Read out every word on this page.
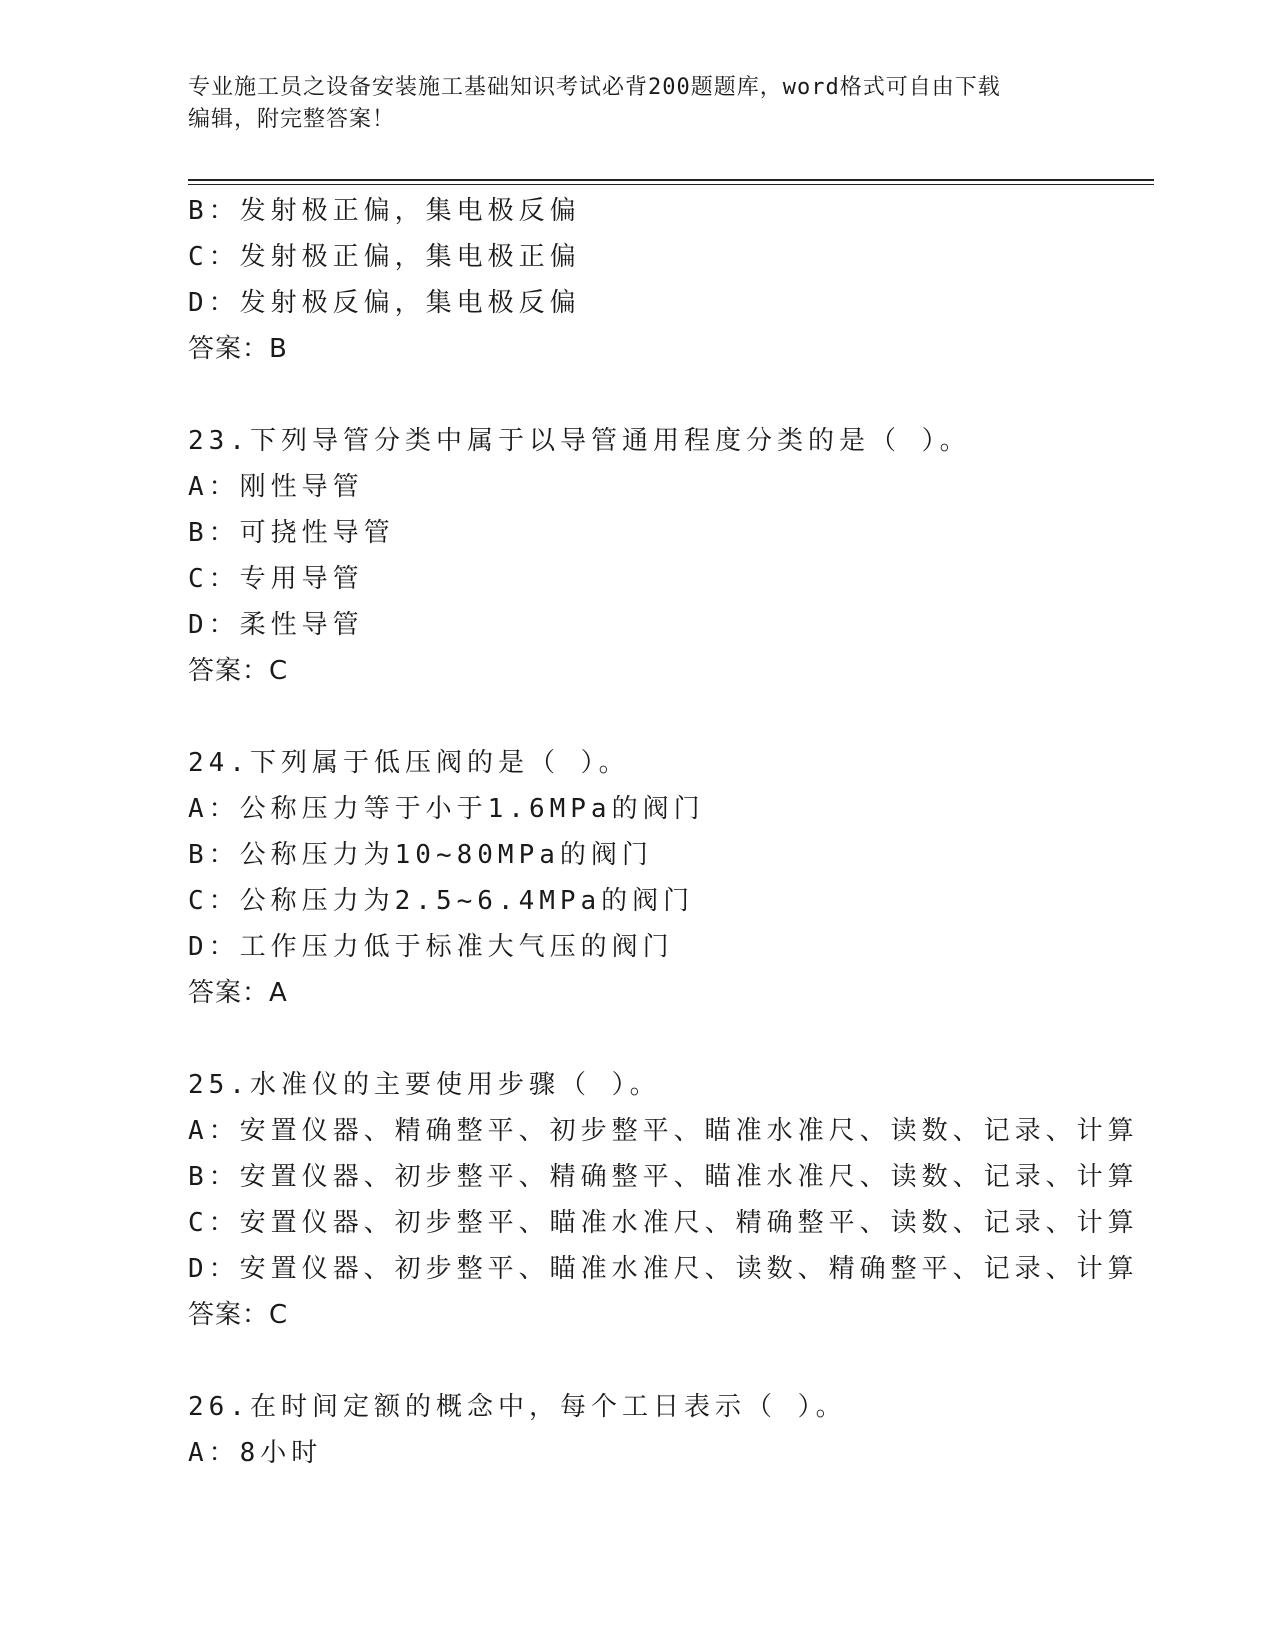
专业施工员之设备安装施工基础知识考试必背200题题库，word格式可自由下载
编辑，附完整答案！
B：发射极正偏，集电极反偏
C：发射极正偏，集电极正偏
D：发射极反偏，集电极反偏
答案：B
23.下列导管分类中属于以导管通用程度分类的是（ ）。
A：刚性导管
B：可挠性导管
C：专用导管
D：柔性导管
答案：C
24.下列属于低压阀的是（ ）。
A：公称压力等于小于1.6MPa的阀门
B：公称压力为10~80MPa的阀门
C：公称压力为2.5~6.4MPa的阀门
D：工作压力低于标准大气压的阀门
答案：A
25.水准仪的主要使用步骤（ ）。
A：安置仪器、精确整平、初步整平、瞄准水准尺、读数、记录、计算
B：安置仪器、初步整平、精确整平、瞄准水准尺、读数、记录、计算
C：安置仪器、初步整平、瞄准水准尺、精确整平、读数、记录、计算
D：安置仪器、初步整平、瞄准水准尺、读数、精确整平、记录、计算
答案：C
26.在时间定额的概念中，每个工日表示（ ）。
A：8小时
